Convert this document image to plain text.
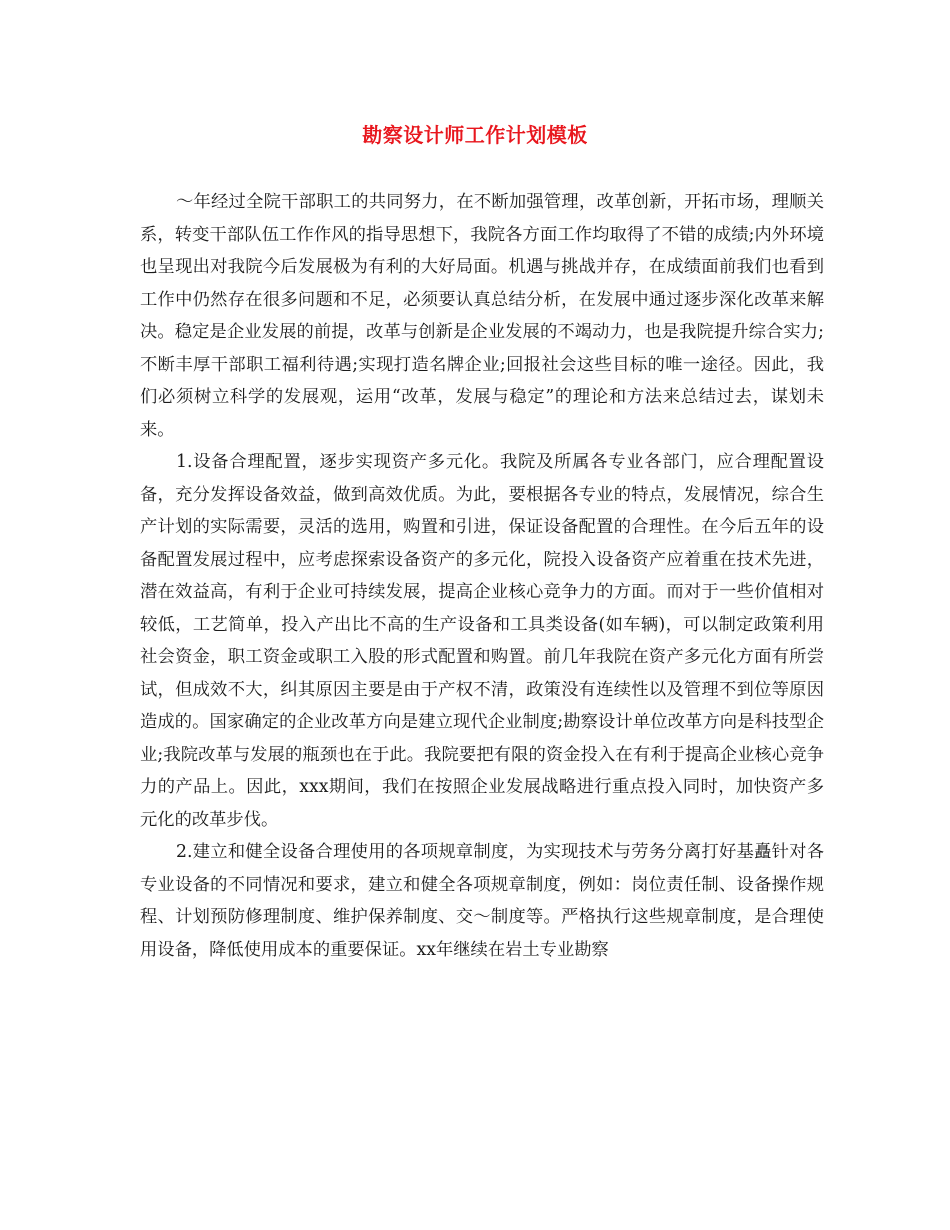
勘察设计师工作计划模板

～年经过全院干部职工的共同努力，在不断加强管理，改革创新，开拓市场，理顺关系，转变干部队伍工作作风的指导思想下，我院各方面工作均取得了不错的成绩;内外环境也呈现出对我院今后发展极为有利的大好局面。机遇与挑战并存，在成绩面前我们也看到工作中仍然存在很多问题和不足，必须要认真总结分析，在发展中通过逐步深化改革来解决。稳定是企业发展的前提，改革与创新是企业发展的不竭动力，也是我院提升综合实力;不断丰厚干部职工福利待遇;实现打造名牌企业;回报社会这些目标的唯一途径。因此，我们必须树立科学的发展观，运用“改革，发展与稳定”的理论和方法来总结过去，谋划未来。

1.设备合理配置，逐步实现资产多元化。我院及所属各专业各部门，应合理配置设备，充分发挥设备效益，做到高效优质。为此，要根据各专业的特点，发展情况，综合生产计划的实际需要，灵活的选用，购置和引进，保证设备配置的合理性。在今后五年的设备配置发展过程中，应考虑探索设备资产的多元化，院投入设备资产应着重在技术先进，潜在效益高，有利于企业可持续发展，提高企业核心竞争力的方面。而对于一些价值相对较低，工艺简单，投入产出比不高的生产设备和工具类设备(如车辆)，可以制定政策利用社会资金，职工资金或职工入股的形式配置和购置。前几年我院在资产多元化方面有所尝试，但成效不大，纠其原因主要是由于产权不清，政策没有连续性以及管理不到位等原因造成的。国家确定的企业改革方向是建立现代企业制度;勘察设计单位改革方向是科技型企业;我院改革与发展的瓶颈也在于此。我院要把有限的资金投入在有利于提高企业核心竞争力的产品上。因此，xxx期间，我们在按照企业发展战略进行重点投入同时，加快资产多元化的改革步伐。

2.建立和健全设备合理使用的各项规章制度，为实现技术与劳务分离打好基矗针对各专业设备的不同情况和要求，建立和健全各项规章制度，例如：岗位责任制、设备操作规程、计划预防修理制度、维护保养制度、交～制度等。严格执行这些规章制度，是合理使用设备，降低使用成本的重要保证。xx年继续在岩土专业勘察
